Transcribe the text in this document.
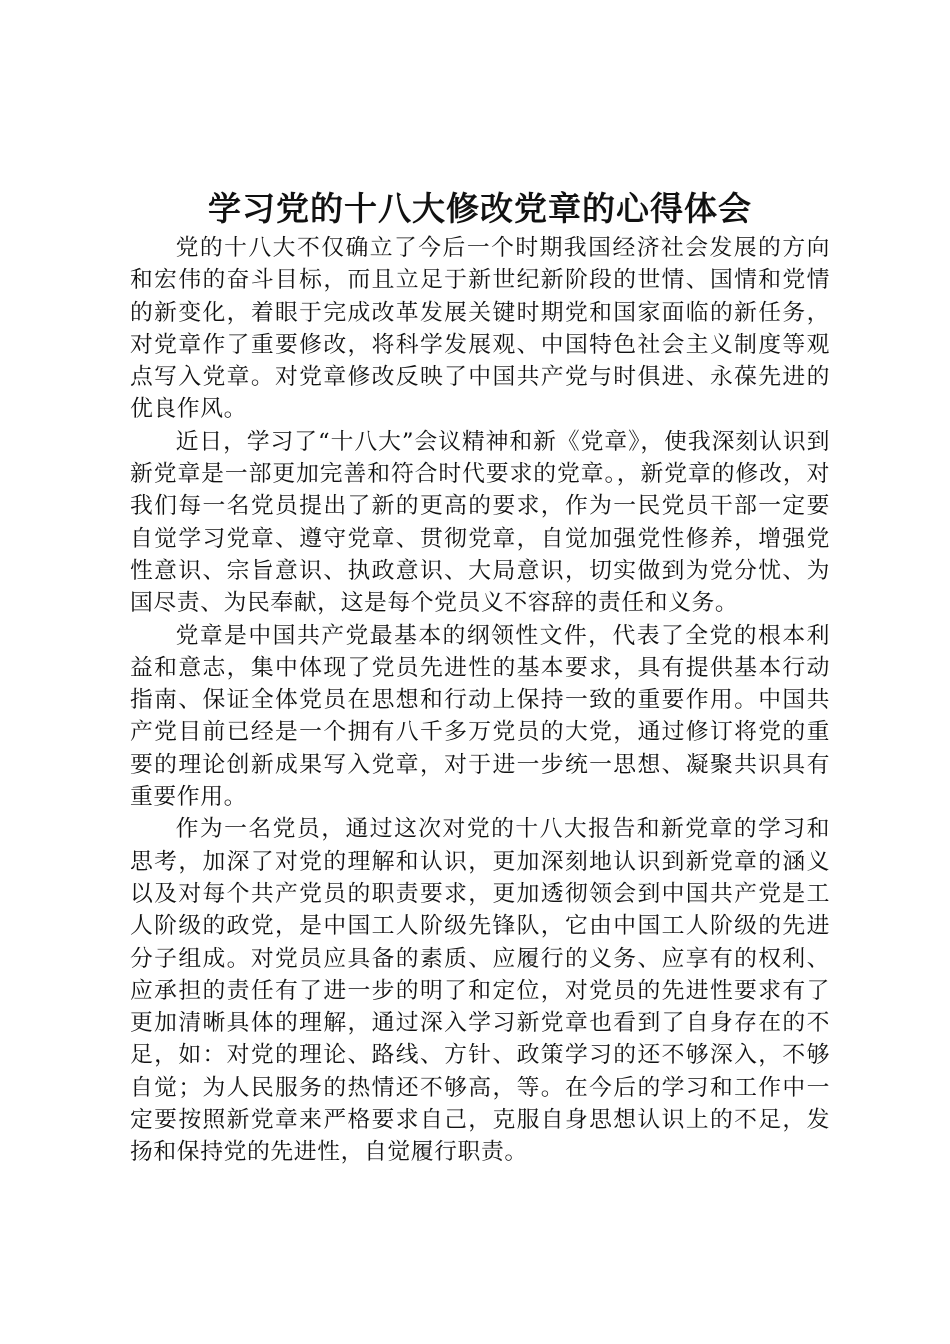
学习党的十八大修改党章的心得体会

党的十八大不仅确立了今后一个时期我国经济社会发展的方向和宏伟的奋斗目标，而且立足于新世纪新阶段的世情、国情和党情的新变化，着眼于完成改革发展关键时期党和国家面临的新任务，对党章作了重要修改，将科学发展观、中国特色社会主义制度等观点写入党章。对党章修改反映了中国共产党与时俱进、永葆先进的优良作风。

近日，学习了“十八大”会议精神和新《党章》，使我深刻认识到新党章是一部更加完善和符合时代要求的党章。，新党章的修改，对我们每一名党员提出了新的更高的要求，作为一民党员干部一定要自觉学习党章、遵守党章、贯彻党章，自觉加强党性修养，增强党性意识、宗旨意识、执政意识、大局意识，切实做到为党分忧、为国尽责、为民奉献，这是每个党员义不容辞的责任和义务。

党章是中国共产党最基本的纲领性文件，代表了全党的根本利益和意志，集中体现了党员先进性的基本要求，具有提供基本行动指南、保证全体党员在思想和行动上保持一致的重要作用。中国共产党目前已经是一个拥有八千多万党员的大党，通过修订将党的重要的理论创新成果写入党章，对于进一步统一思想、凝聚共识具有重要作用。

作为一名党员，通过这次对党的十八大报告和新党章的学习和思考，加深了对党的理解和认识，更加深刻地认识到新党章的涵义以及对每个共产党员的职责要求，更加透彻领会到中国共产党是工人阶级的政党，是中国工人阶级先锋队，它由中国工人阶级的先进分子组成。对党员应具备的素质、应履行的义务、应享有的权利、应承担的责任有了进一步的明了和定位，对党员的先进性要求有了更加清晰具体的理解，通过深入学习新党章也看到了自身存在的不足，如：对党的理论、路线、方针、政策学习的还不够深入，不够自觉；为人民服务的热情还不够高，等。在今后的学习和工作中一定要按照新党章来严格要求自己，克服自身思想认识上的不足，发扬和保持党的先进性，自觉履行职责。
